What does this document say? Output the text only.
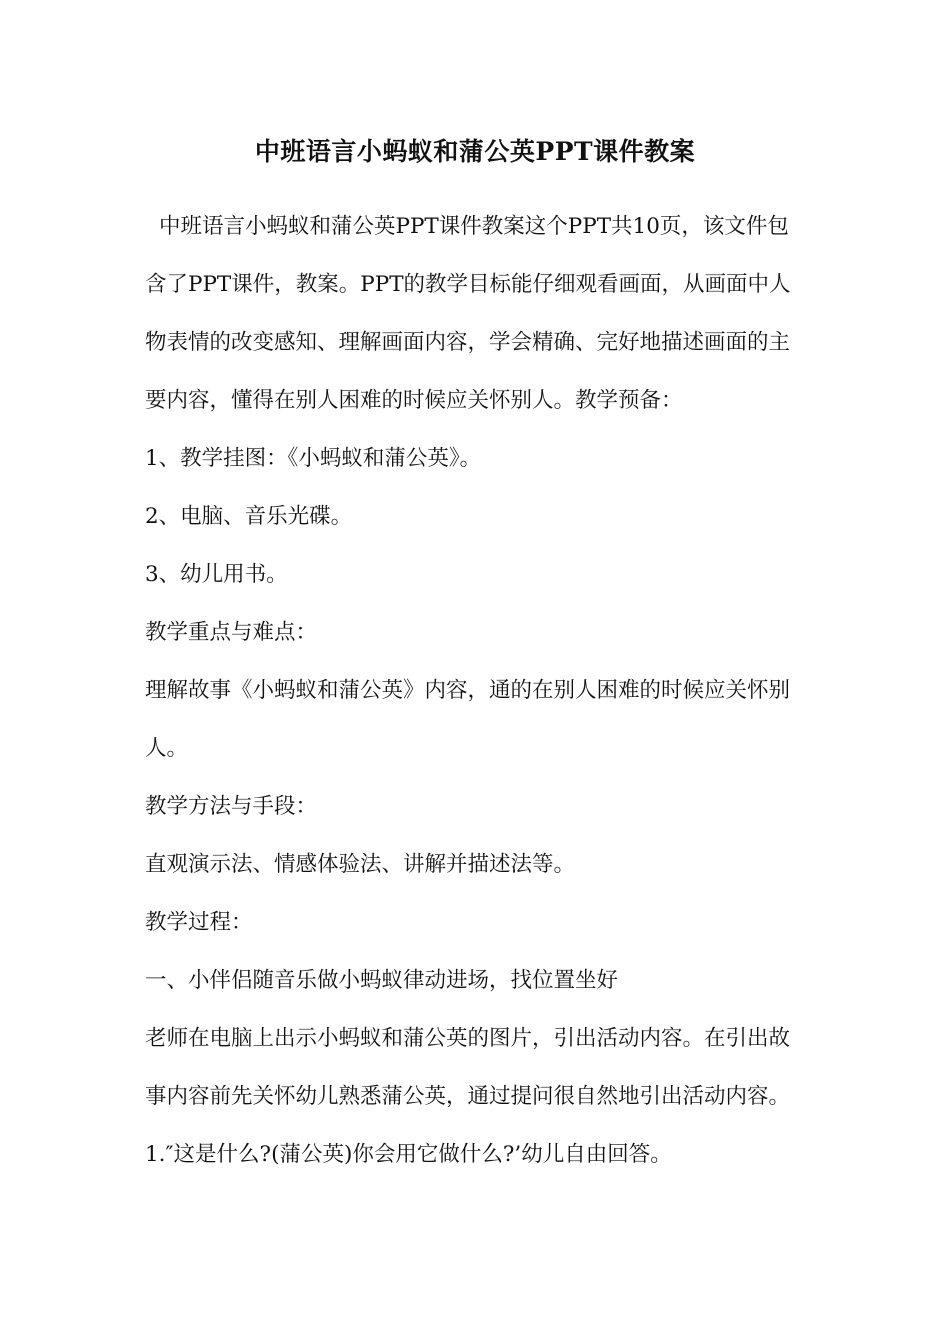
中班语言小蚂蚁和蒲公英PPT课件教案

中班语言小蚂蚁和蒲公英PPT课件教案这个PPT共10页，该文件包含了PPT课件，教案。PPT的教学目标能仔细观看画面，从画面中人物表情的改变感知、理解画面内容，学会精确、完好地描述画面的主要内容，懂得在别人困难的时候应关怀别人。教学预备：

1、教学挂图：《小蚂蚁和蒲公英》。

2、电脑、音乐光碟。

3、幼儿用书。

教学重点与难点：

理解故事《小蚂蚁和蒲公英》内容，通的在别人困难的时候应关怀别人。

教学方法与手段：

直观演示法、情感体验法、讲解并描述法等。

教学过程：

一、小伴侣随音乐做小蚂蚁律动进场，找位置坐好

老师在电脑上出示小蚂蚁和蒲公英的图片，引出活动内容。在引出故事内容前先关怀幼儿熟悉蒲公英，通过提问很自然地引出活动内容。

1.″这是什么?(蒲公英)你会用它做什么?’幼儿自由回答。
